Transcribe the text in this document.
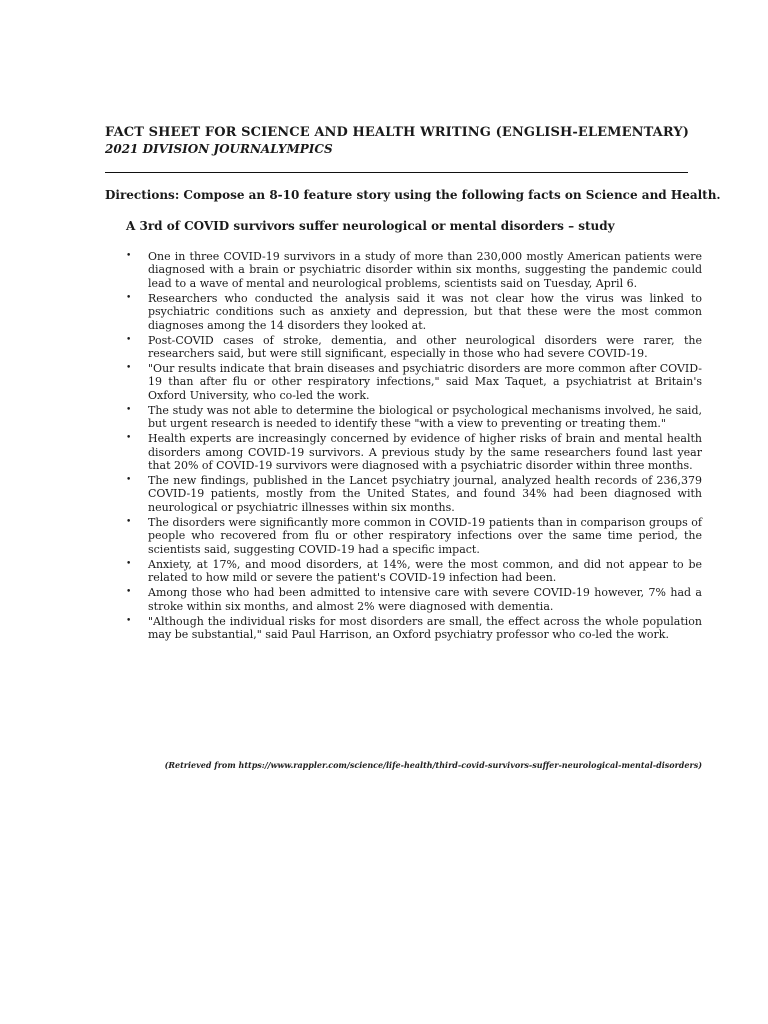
FACT SHEET FOR SCIENCE AND HEALTH WRITING (ENGLISH-ELEMENTARY)
2021 DIVISION JOURNALYMPICS
Directions: Compose an 8-10 feature story using the following facts on Science and Health.
A 3rd of COVID survivors suffer neurological or mental disorders – study
•	One in three COVID-19 survivors in a study of more than 230,000 mostly American patients were diagnosed with a brain or psychiatric disorder within six months, suggesting the pandemic could lead to a wave of mental and neurological problems, scientists said on Tuesday, April 6.
•	Researchers who conducted the analysis said it was not clear how the virus was linked to psychiatric conditions such as anxiety and depression, but that these were the most common diagnoses among the 14 disorders they looked at.
•	Post-COVID cases of stroke, dementia, and other neurological disorders were rarer, the researchers said, but were still significant, especially in those who had severe COVID-19.
•	"Our results indicate that brain diseases and psychiatric disorders are more common after COVID-19 than after flu or other respiratory infections," said Max Taquet, a psychiatrist at Britain's Oxford University, who co-led the work.
•	The study was not able to determine the biological or psychological mechanisms involved, he said, but urgent research is needed to identify these "with a view to preventing or treating them."
•	Health experts are increasingly concerned by evidence of higher risks of brain and mental health disorders among COVID-19 survivors. A previous study by the same researchers found last year that 20% of COVID-19 survivors were diagnosed with a psychiatric disorder within three months.
•	The new findings, published in the Lancet psychiatry journal, analyzed health records of 236,379 COVID-19 patients, mostly from the United States, and found 34% had been diagnosed with neurological or psychiatric illnesses within six months.
•	The disorders were significantly more common in COVID-19 patients than in comparison groups of people who recovered from flu or other respiratory infections over the same time period, the scientists said, suggesting COVID-19 had a specific impact.
•	Anxiety, at 17%, and mood disorders, at 14%, were the most common, and did not appear to be related to how mild or severe the patient's COVID-19 infection had been.
•	Among those who had been admitted to intensive care with severe COVID-19 however, 7% had a stroke within six months, and almost 2% were diagnosed with dementia.
•	"Although the individual risks for most disorders are small, the effect across the whole population may be substantial," said Paul Harrison, an Oxford psychiatry professor who co-led the work.
(Retrieved from https://www.rappler.com/science/life-health/third-covid-survivors-suffer-neurological-mental-disorders)
